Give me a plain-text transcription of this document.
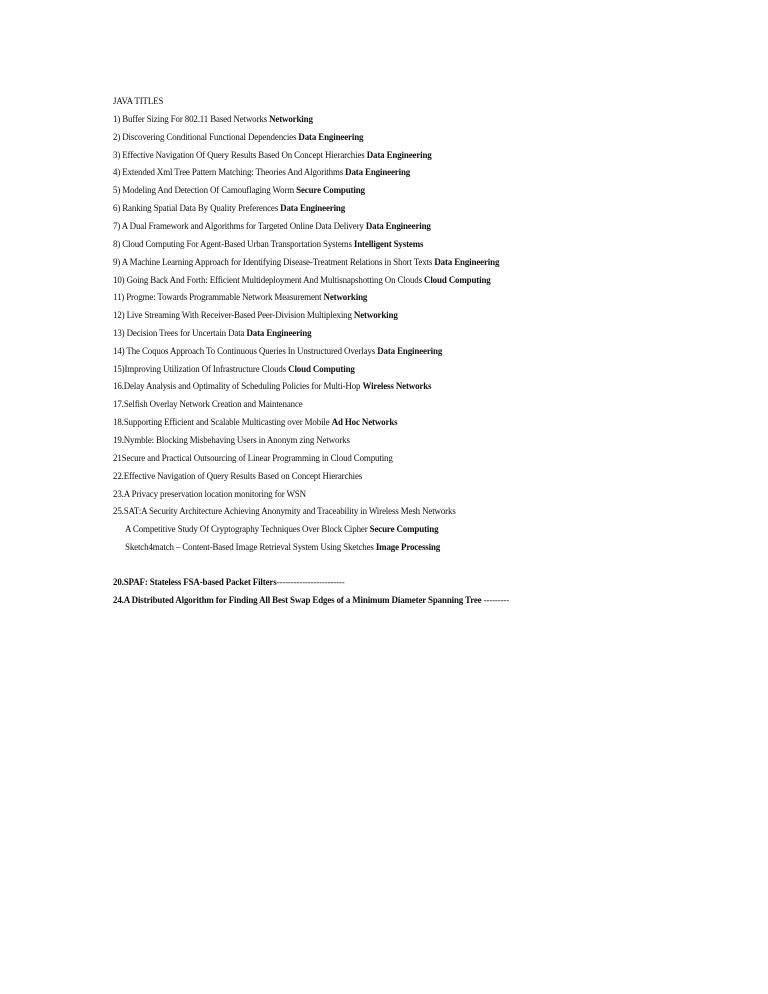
JAVA TITLES
1) Buffer Sizing For 802.11 Based Networks Networking
2) Discovering Conditional Functional Dependencies Data Engineering
3) Effective Navigation Of Query Results Based On Concept Hierarchies Data Engineering
4) Extended Xml Tree Pattern Matching: Theories And Algorithms Data Engineering
5) Modeling And Detection Of Camouflaging Worm Secure Computing
6) Ranking Spatial Data By Quality Preferences Data Engineering
7) A Dual Framework and Algorithms for Targeted Online Data Delivery Data Engineering
8) Cloud Computing For Agent-Based Urban Transportation Systems Intelligent Systems
9) A Machine Learning Approach for Identifying Disease-Treatment Relations in Short Texts Data Engineering
10) Going Back And Forth: Efficient Multideployment And Multisnapshotting On Clouds Cloud Computing
11) Progme: Towards Programmable Network Measurement Networking
12) Live Streaming With Receiver-Based Peer-Division Multiplexing Networking
13) Decision Trees for Uncertain Data Data Engineering
14) The Coquos Approach To Continuous Queries In Unstructured Overlays Data Engineering
15)Improving Utilization Of Infrastructure Clouds Cloud Computing
16.Delay Analysis and Optimality of Scheduling Policies for Multi-Hop Wireless Networks
17.Selfish Overlay Network Creation and Maintenance
18.Supporting Efficient and Scalable Multicasting over Mobile Ad Hoc Networks
19.Nymble: Blocking Misbehaving Users in Anonym zing Networks
21Secure and Practical Outsourcing of Linear Programming in Cloud Computing
22.Effective Navigation of Query Results Based on Concept Hierarchies
23.A Privacy preservation location monitoring for WSN
25.SAT:A Security Architecture Achieving Anonymity and Traceability in Wireless Mesh Networks
A Competitive Study Of Cryptography Techniques Over Block Cipher Secure Computing
Sketch4match – Content-Based Image Retrieval System Using Sketches Image Processing
20.SPAF: Stateless FSA-based Packet Filters------------------------
24.A Distributed Algorithm for Finding All Best Swap Edges of a Minimum Diameter Spanning Tree ---------
